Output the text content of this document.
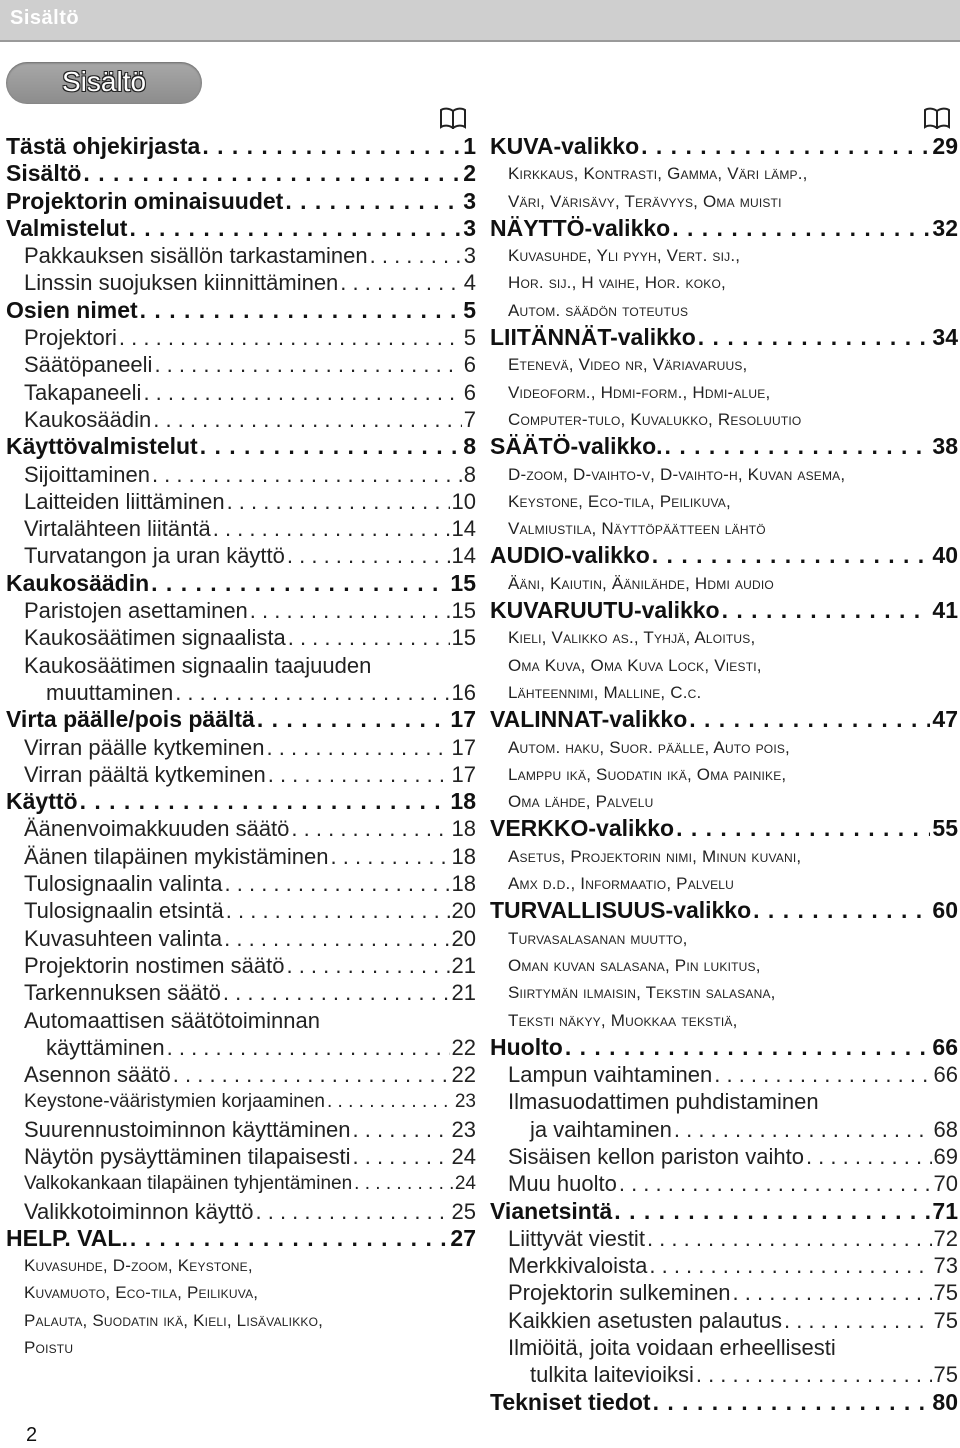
Sisältö
Sisältö
Tästä ohjekirjasta . . .	1
Sisältö . . .	2
Projektorin ominaisuudet . . .	3
Valmistelut . . .	3
Pakkauksen sisällön tarkastaminen . . .	3
Linssin suojuksen kiinnittäminen . . .	4
Osien nimet . . .	5
Projektori . . .	5
Säätöpaneeli . . .	6
Takapaneeli . . .	6
Kaukosäädin . . .	7
Käyttövalmistelut . . .	8
Sijoittaminen . . .	8
Laitteiden liittäminen . . .	10
Virtalähteen liitäntä . . .	14
Turvatangon ja uran käyttö . . .	14
Kaukosäädin . . .	15
Paristojen asettaminen . . .	15
Kaukosäätimen signaalista . . .	15
Kaukosäätimen signaalin taajuuden
muuttaminen . . .	16
Virta päälle/pois päältä . . .	17
Virran päälle kytkeminen . . .	17
Virran päältä kytkeminen . . .	17
Käyttö . . .	18
Äänenvoimakkuuden säätö . . .	18
Äänen tilapäinen mykistäminen . . .	18
Tulosignaalin valinta . . .	18
Tulosignaalin etsintä . . .	20
Kuvasuhteen valinta . . .	20
Projektorin nostimen säätö . . .	21
Tarkennuksen säätö . . .	21
Automaattisen säätötoiminnan
käyttäminen . . .	22
Asennon säätö . . .	22
Keystone-vääristymien korjaaminen . . .	23
Suurennustoiminnon käyttäminen . . .	23
Näytön pysäyttäminen tilapaisesti . . .	24
Valkokankaan tilapäinen tyhjentäminen . . .	24
Valikkotoiminnon käyttö . . .	25
HELP. VAL. . . .	27
Kuvasuhde, D-zoom, Keystone,
Kuvamuoto, Eco-tila, Peilikuva,
Palauta, Suodatin ikä, Kieli, Lisävalikko,
Poistu
KUVA-valikko . . .	29
Kirkkaus, Kontrasti, Gamma, Väri lämp.,
Väri, Värisävy, Terävyys, Oma muisti
NÄYTTÖ-valikko . . .	32
Kuvasuhde, Yli pyyh, Vert. sij.,
Hor. sij., H vaihe, Hor. koko,
Autom. säädön toteutus
LIITÄNNÄT-valikko . . .	34
Etenevä, Video nr, Väriavaruus,
Videoform., Hdmi-form., Hdmi-alue,
Computer-tulo, Kuvalukko, Resoluutio
SÄÄTÖ-valikko. . . .	38
D-zoom, D-vaihto-v, D-vaihto-h, Kuvan asema,
Keystone, Eco-tila, Peilikuva,
Valmiustila, Näyttöpäätteen lähtö
AUDIO-valikko . . .	40
Ääni, Kaiutin, Äänilähde, Hdmi audio
KUVARUUTU-valikko . . .	41
Kieli, Valikko as., Tyhjä, Aloitus,
Oma Kuva, Oma Kuva Lock, Viesti,
Lähteennimi, Malline, C.c.
VALINNAT-valikko . . .	47
Autom. haku, Suor. päälle, Auto pois,
Lamppu ikä, Suodatin ikä, Oma painike,
Oma lähde, Palvelu
VERKKO-valikko . . .	55
Asetus, Projektorin nimi, Minun kuvani,
Amx d.d., Informaatio, Palvelu
TURVALLISUUS-valikko . . .	60
Turvasalasanan muutto,
Oman kuvan salasana, Pin lukitus,
Siirtymän ilmaisin, Tekstin salasana,
Teksti näkyy, Muokkaa tekstiä,
Huolto . . .	66
Lampun vaihtaminen . . .	66
Ilmasuodattimen puhdistaminen
ja vaihtaminen . . .	68
Sisäisen kellon pariston vaihto . . .	69
Muu huolto . . .	70
Vianetsintä . . .	71
Liittyvät viestit . . .	72
Merkkivaloista . . .	73
Projektorin sulkeminen . . .	75
Kaikkien asetusten palautus . . .	75
Ilmiöitä, joita voidaan erheellisesti
tulkita laitevioiksi . . .	75
Tekniset tiedot . . .	80
2
